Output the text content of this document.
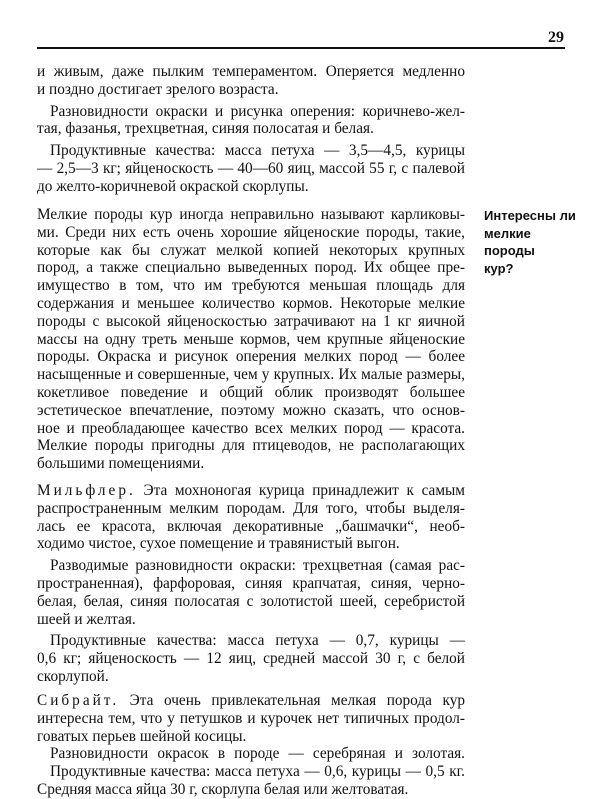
29
и живым, даже пылким темпераментом. Оперяется медленно
и поздно достигает зрелого возраста.
Разновидности окраски и рисунка оперения: коричнево-жел-
тая, фазанья, трехцветная, синяя полосатая и белая.
Продуктивные качества: масса петуха — 3,5—4,5, курицы
— 2,5—3 кг; яйценоскость — 40—60 яиц, массой 55 г, с палевой
до желто-коричневой окраской скорлупы.
Интересны ли
мелкие породы
кур?
Мелкие породы кур иногда неправильно называют карликовы-
ми. Среди них есть очень хорошие яйценоские породы, такие,
которые как бы служат мелкой копией некоторых крупных
пород, а также специально выведенных пород. Их общее пре-
имущество в том, что им требуются меньшая площадь для
содержания и меньшее количество кормов. Некоторые мелкие
породы с высокой яйценоскостью затрачивают на 1 кг яичной
массы на одну треть меньше кормов, чем крупные яйценоские
породы. Окраска и рисунок оперения мелких пород — более
насыщенные и совершенные, чем у крупных. Их малые размеры,
кокетливое поведение и общий облик производят большее
эстетическое впечатление, поэтому можно сказать, что основ-
ное и преобладающее качество всех мелких пород — красота.
Мелкие породы пригодны для птицеводов, не располагающих
большими помещениями.
Мильфлер. Эта мохноногая курица принадлежит к самым
распространенным мелким породам. Для того, чтобы выделя-
лась ее красота, включая декоративные „башмачки“, необ-
ходимо чистое, сухое помещение и травянистый выгон.
Разводимые разновидности окраски: трехцветная (самая рас-
пространенная), фарфоровая, синяя крапчатая, синяя, черно-
белая, белая, синяя полосатая с золотистой шеей, серебристой
шеей и желтая.
Продуктивные качества: масса петуха — 0,7, курицы —
0,6 кг; яйценоскость — 12 яиц, средней массой 30 г, с белой
скорлупой.
Сибрайт. Эта очень привлекательная мелкая порода кур
интересна тем, что у петушков и курочек нет типичных продол-
говатых перьев шейной косицы.
Разновидности окрасок в породе — серебряная и золотая.
Продуктивные качества: масса петуха — 0,6, курицы — 0,5 кг.
Средняя масса яйца 30 г, скорлупа белая или желтоватая.
